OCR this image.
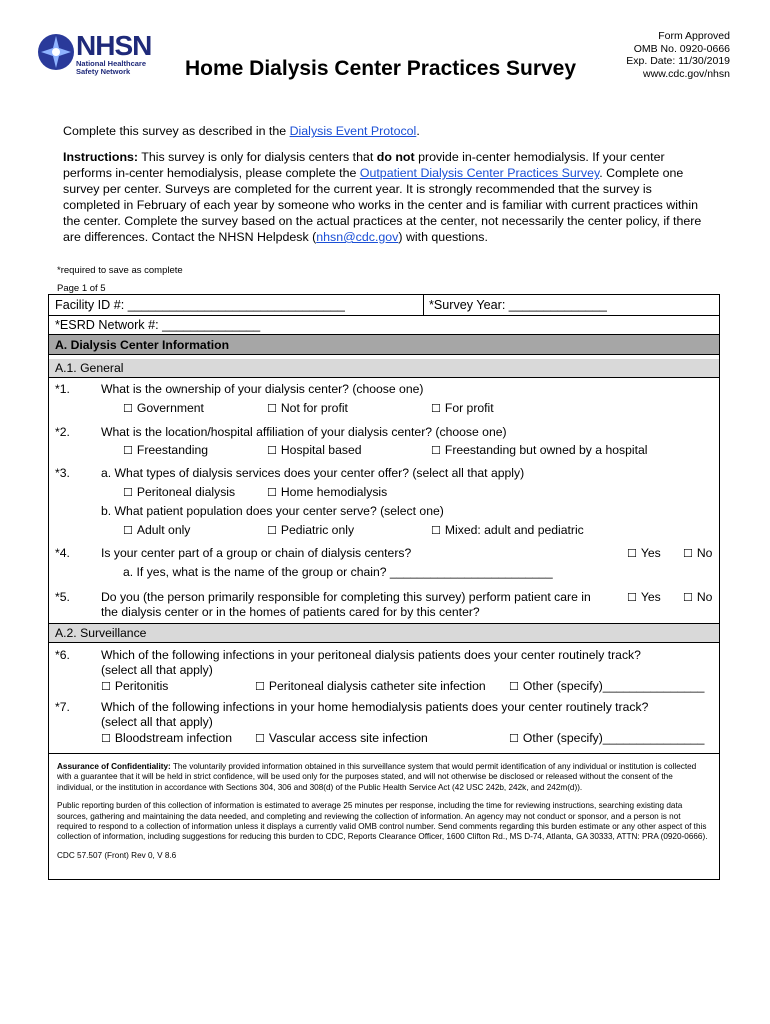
NHSN
National Healthcare
Safety Network	Home Dialysis Center Practices Survey
Form Approved
OMB No. 0920-0666
Exp. Date: 11/30/2019
www.cdc.gov/nhsn

Complete this survey as described in the Dialysis Event Protocol.

Instructions: This survey is only for dialysis centers that do not provide in-center hemodialysis. If your center performs in-center hemodialysis, please complete the Outpatient Dialysis Center Practices Survey. Complete one survey per center. Surveys are completed for the current year. It is strongly recommended that the survey is completed in February of each year by someone who works in the center and is familiar with current practices within the center. Complete the survey based on the actual practices at the center, not necessarily the center policy, if there are differences. Contact the NHSN Helpdesk (nhsn@cdc.gov) with questions.

*required to save as complete
Page 1 of 5
Facility ID #: _______________________________	*Survey Year: ______________
*ESRD Network #: ______________
A. Dialysis Center Information
A.1. General
*1.	What is the ownership of your dialysis center? (choose one)
☐ Government	☐ Not for profit	☐ For profit
*2.	What is the location/hospital affiliation of your dialysis center? (choose one)
☐ Freestanding	☐ Hospital based	☐ Freestanding but owned by a hospital
*3.	a. What types of dialysis services does your center offer? (select all that apply)
☐ Peritoneal dialysis	☐ Home hemodialysis
b. What patient population does your center serve? (select one)
☐ Adult only	☐ Pediatric only	☐ Mixed: adult and pediatric
*4.	Is your center part of a group or chain of dialysis centers?	☐ Yes	☐ No
a. If yes, what is the name of the group or chain? ________________________
*5.	Do you (the person primarily responsible for completing this survey) perform patient care in
the dialysis center or in the homes of patients cared for by this center?
☐ Yes	☐ No
A.2. Surveillance
*6.	Which of the following infections in your peritoneal dialysis patients does your center routinely track?
(select all that apply)
☐ Peritonitis	☐ Peritoneal dialysis catheter site infection	☐ Other (specify)_______________
*7.	Which of the following infections in your home hemodialysis patients does your center routinely track?
(select all that apply)
☐ Bloodstream infection	☐ Vascular access site infection	☐ Other (specify)_______________

Assurance of Confidentiality: The voluntarily provided information obtained in this surveillance system that would permit identification of any individual or institution is collected with a guarantee that it will be held in strict confidence, will be used only for the purposes stated, and will not otherwise be disclosed or released without the consent of the individual, or the institution in accordance with Sections 304, 306 and 308(d) of the Public Health Service Act (42 USC 242b, 242k, and 242m(d)).

Public reporting burden of this collection of information is estimated to average 25 minutes per response, including the time for reviewing instructions, searching existing data sources, gathering and maintaining the data needed, and completing and reviewing the collection of information. An agency may not conduct or sponsor, and a person is not required to respond to a collection of information unless it displays a currently valid OMB control number. Send comments regarding this burden estimate or any other aspect of this collection of information, including suggestions for reducing this burden to CDC, Reports Clearance Officer, 1600 Clifton Rd., MS D-74, Atlanta, GA 30333, ATTN: PRA (0920-0666).

CDC 57.507 (Front) Rev 0, V 8.6
